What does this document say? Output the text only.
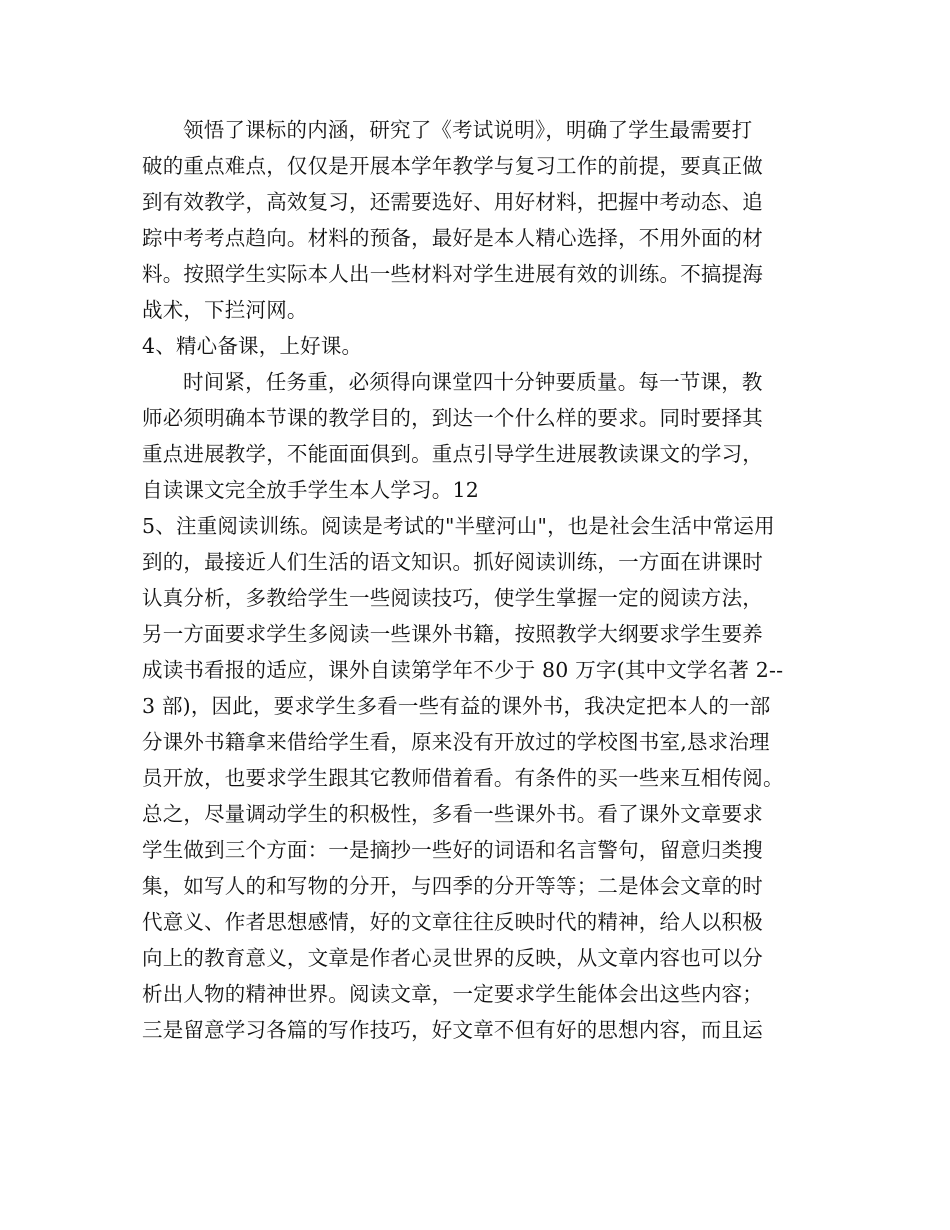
领悟了课标的内涵，研究了《考试说明》，明确了学生最需要打
破的重点难点，仅仅是开展本学年教学与复习工作的前提，要真正做
到有效教学，高效复习，还需要选好、用好材料，把握中考动态、追
踪中考考点趋向。材料的预备，最好是本人精心选择，不用外面的材
料。按照学生实际本人出一些材料对学生进展有效的训练。不搞提海
战术，下拦河网。
4、精心备课，上好课。
时间紧，任务重，必须得向课堂四十分钟要质量。每一节课，教
师必须明确本节课的教学目的，到达一个什么样的要求。同时要择其
重点进展教学，不能面面俱到。重点引导学生进展教读课文的学习，
自读课文完全放手学生本人学习。12
5、注重阅读训练。阅读是考试的"半壁河山"，也是社会生活中常运用
到的，最接近人们生活的语文知识。抓好阅读训练，一方面在讲课时
认真分析，多教给学生一些阅读技巧，使学生掌握一定的阅读方法，
另一方面要求学生多阅读一些课外书籍，按照教学大纲要求学生要养
成读书看报的适应，课外自读第学年不少于 80 万字(其中文学名著 2--
3 部)，因此，要求学生多看一些有益的课外书，我决定把本人的一部
分课外书籍拿来借给学生看，原来没有开放过的学校图书室,恳求治理
员开放，也要求学生跟其它教师借着看。有条件的买一些来互相传阅。
总之，尽量调动学生的积极性，多看一些课外书。看了课外文章要求
学生做到三个方面：一是摘抄一些好的词语和名言警句，留意归类搜
集，如写人的和写物的分开，与四季的分开等等；二是体会文章的时
代意义、作者思想感情，好的文章往往反映时代的精神，给人以积极
向上的教育意义，文章是作者心灵世界的反映，从文章内容也可以分
析出人物的精神世界。阅读文章，一定要求学生能体会出这些内容；
三是留意学习各篇的写作技巧，好文章不但有好的思想内容，而且运
